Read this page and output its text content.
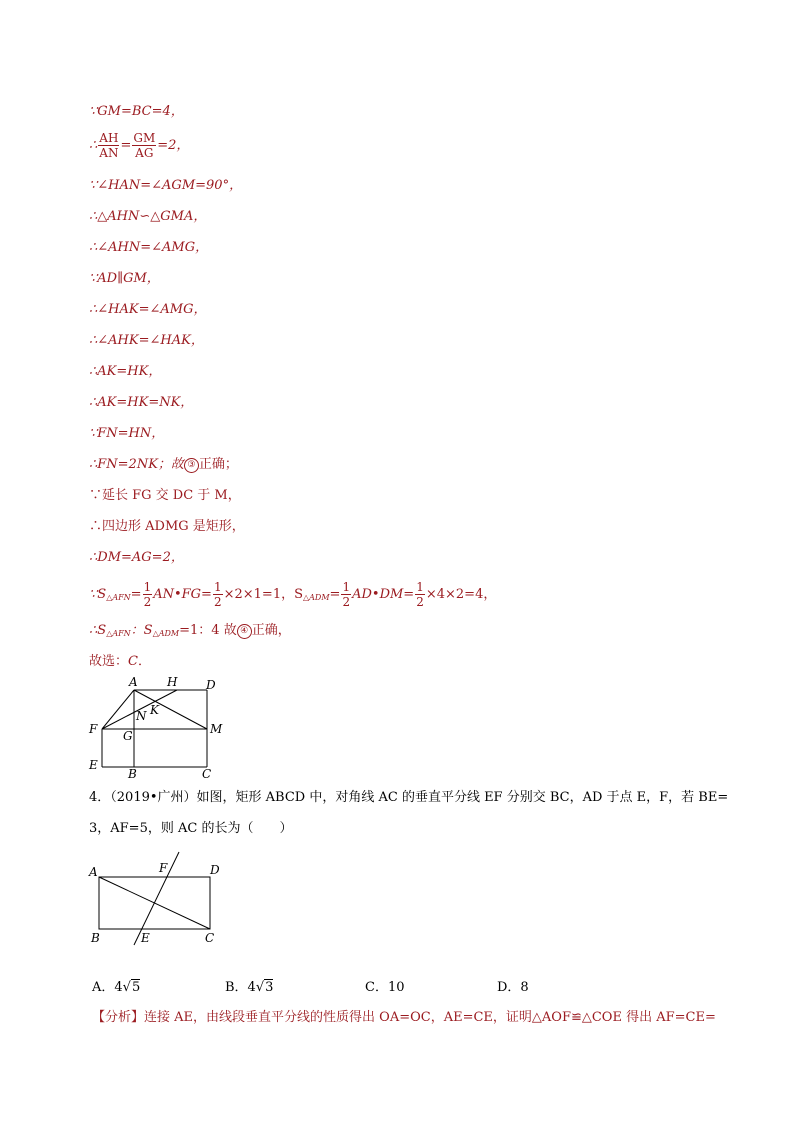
∵GM=BC=4，
∴ $\frac{AH}{AN} = \frac{GM}{AG} =2$，
∵∠HAN=∠AGM=90°，
∴△AHN∽△GMA，
∴∠AHN=∠AMG，
∵AD∥GM，
∴∠HAK=∠AMG，
∴∠AHK=∠HAK，
∴AK=HK，
∴AK=HK=NK，
∵FN=HN，
∴FN=2NK；故 ③ 正确；
∵延长 FG 交 DC 于 M，
∴四边形 ADMG 是矩形，
∴DM=AG=2，
$\because S_{\triangle AFN}= \frac{1}{2}$ AN•FG= $\frac{1}{2} \times 2\times 1=1$，$S_{\triangle ADM}= \frac{1}{2}$ AD•DM= $\frac{1}{2} \times 4\times 2=4$，
$\therefore S_{\triangle AFN}$：$S_{\triangle ADM}=1$：4 故 ④ 正确，
故选：C．
A H D
F
N K
G	M
E
B	C
4．（2019•广州）如图，矩形 ABCD 中，对角线 AC 的垂直平分线 EF 分别交 BC，AD 于点 E，F，若 BE=
3，AF=5，则 AC 的长为（　　）
A	F	D
B	E	C
A．4√5	B．4√3	C．10	D．8
【分析】连接 AE，由线段垂直平分线的性质得出 OA=OC，AE=CE，证明△AOF≌△COE 得出 AF=CE=
